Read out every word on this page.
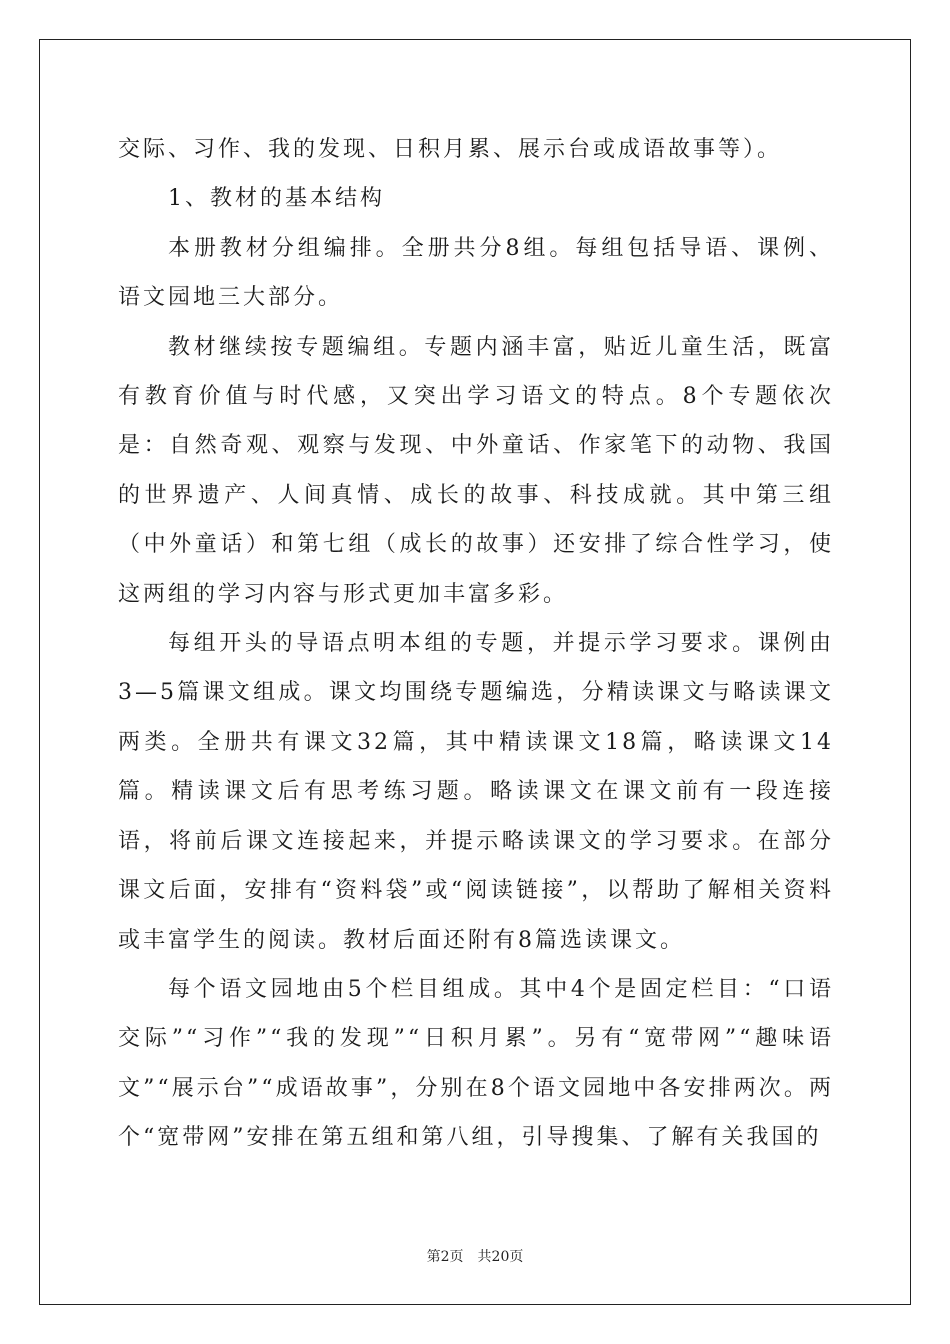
交际、习作、我的发现、日积月累、展示台或成语故事等）。

1、教材的基本结构

本册教材分组编排。全册共分8组。每组包括导语、课例、语文园地三大部分。

教材继续按专题编组。专题内涵丰富，贴近儿童生活，既富有教育价值与时代感，又突出学习语文的特点。8个专题依次是：自然奇观、观察与发现、中外童话、作家笔下的动物、我国的世界遗产、人间真情、成长的故事、科技成就。其中第三组（中外童话）和第七组（成长的故事）还安排了综合性学习，使这两组的学习内容与形式更加丰富多彩。

每组开头的导语点明本组的专题，并提示学习要求。课例由3—5篇课文组成。课文均围绕专题编选，分精读课文与略读课文两类。全册共有课文32篇，其中精读课文18篇，略读课文14篇。精读课文后有思考练习题。略读课文在课文前有一段连接语，将前后课文连接起来，并提示略读课文的学习要求。在部分课文后面，安排有“资料袋”或“阅读链接”，以帮助了解相关资料或丰富学生的阅读。教材后面还附有8篇选读课文。

每个语文园地由5个栏目组成。其中4个是固定栏目：“口语交际”“习作”“我的发现”“日积月累”。另有“宽带网”“趣味语文”“展示台”“成语故事”，分别在8个语文园地中各安排两次。两个“宽带网”安排在第五组和第八组，引导搜集、了解有关我国的

第2页 共20页
